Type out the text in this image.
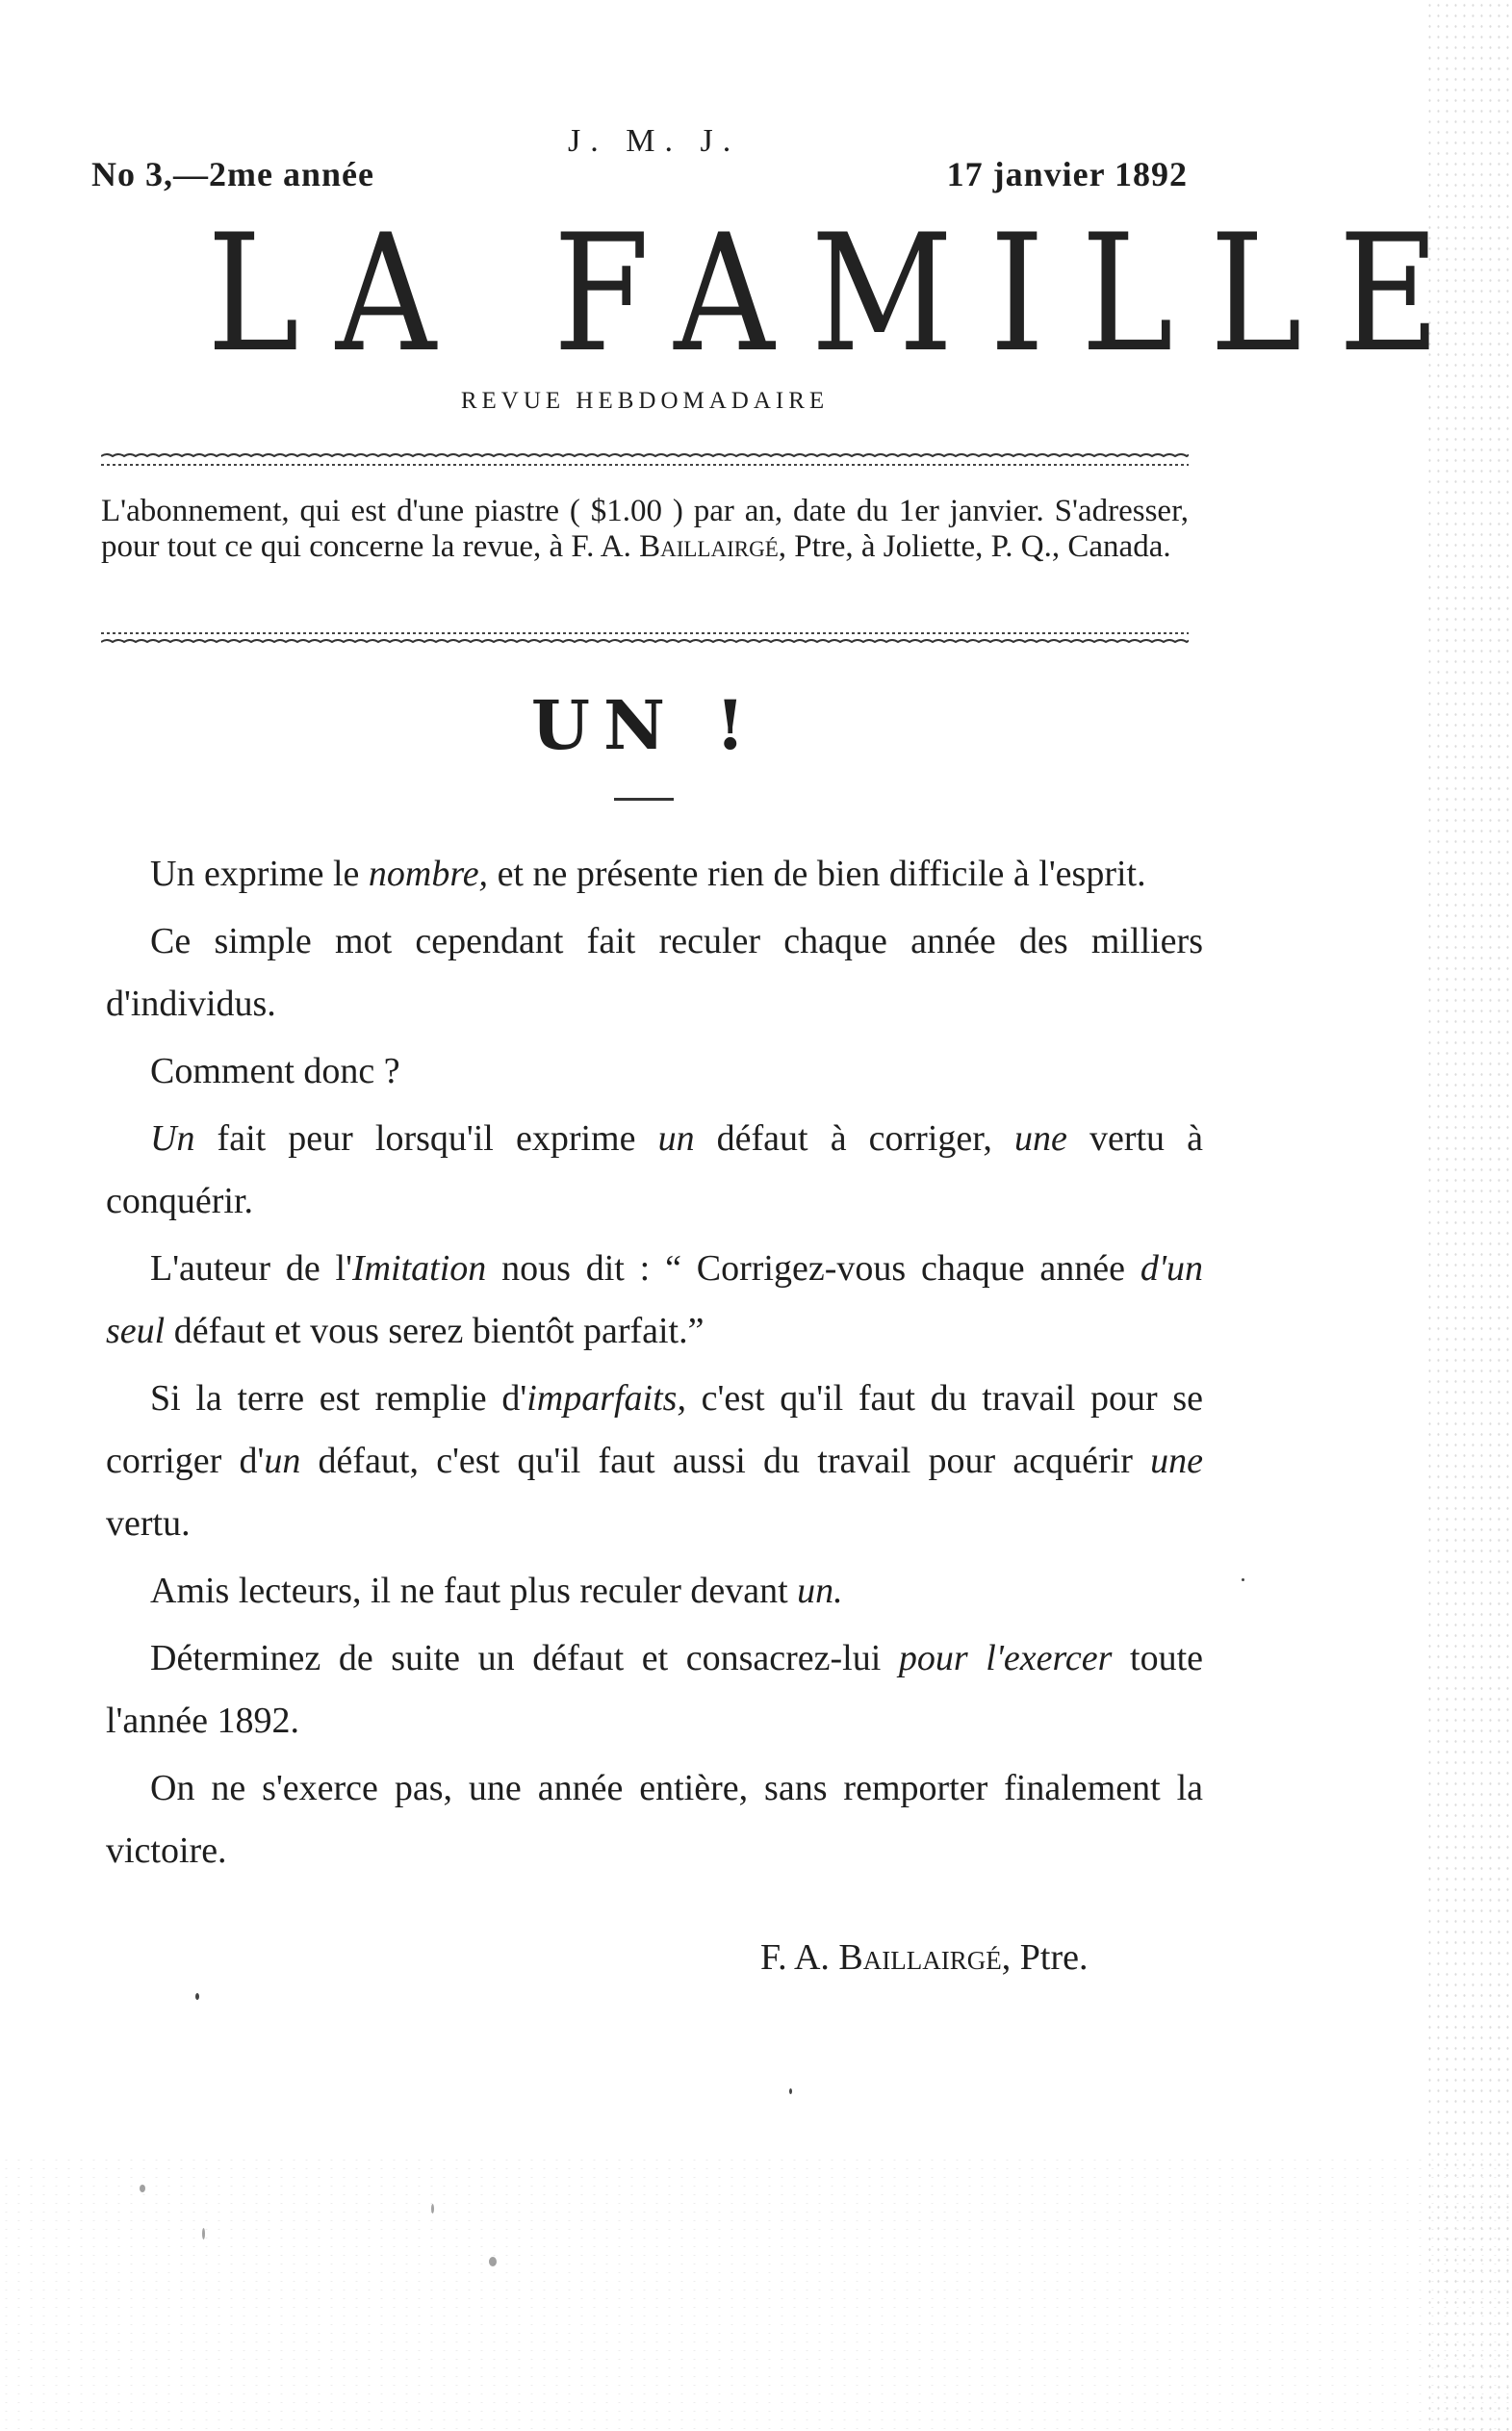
J. M. J.
No 3,—2me année	17 janvier 1892
LA FAMILLE
REVUE HEBDOMADAIRE
L'abonnement, qui est d'une piastre ( $1.00 ) par an, date du 1er janvier. S'adresser, pour tout ce qui concerne la revue, à F. A. Baillairgé, Ptre, à Joliette, P. Q., Canada.
UN !

Un exprime le nombre, et ne présente rien de bien difficile à l'esprit.

Ce simple mot cependant fait reculer chaque année des milliers d'individus.

Comment donc ?

Un fait peur lorsqu'il exprime un défaut à corriger, une vertu à conquérir.

L'auteur de l'Imitation nous dit : “ Corrigez-vous chaque année d'un seul défaut et vous serez bientôt parfait.”

Si la terre est remplie d'imparfaits, c'est qu'il faut du travail pour se corriger d'un défaut, c'est qu'il faut aussi du travail pour acquérir une vertu.

Amis lecteurs, il ne faut plus reculer devant un.

Déterminez de suite un défaut et consacrez-lui pour l'exercer toute l'année 1892.

On ne s'exerce pas, une année entière, sans remporter finalement la victoire.

F. A. Baillairgé, Ptre.
